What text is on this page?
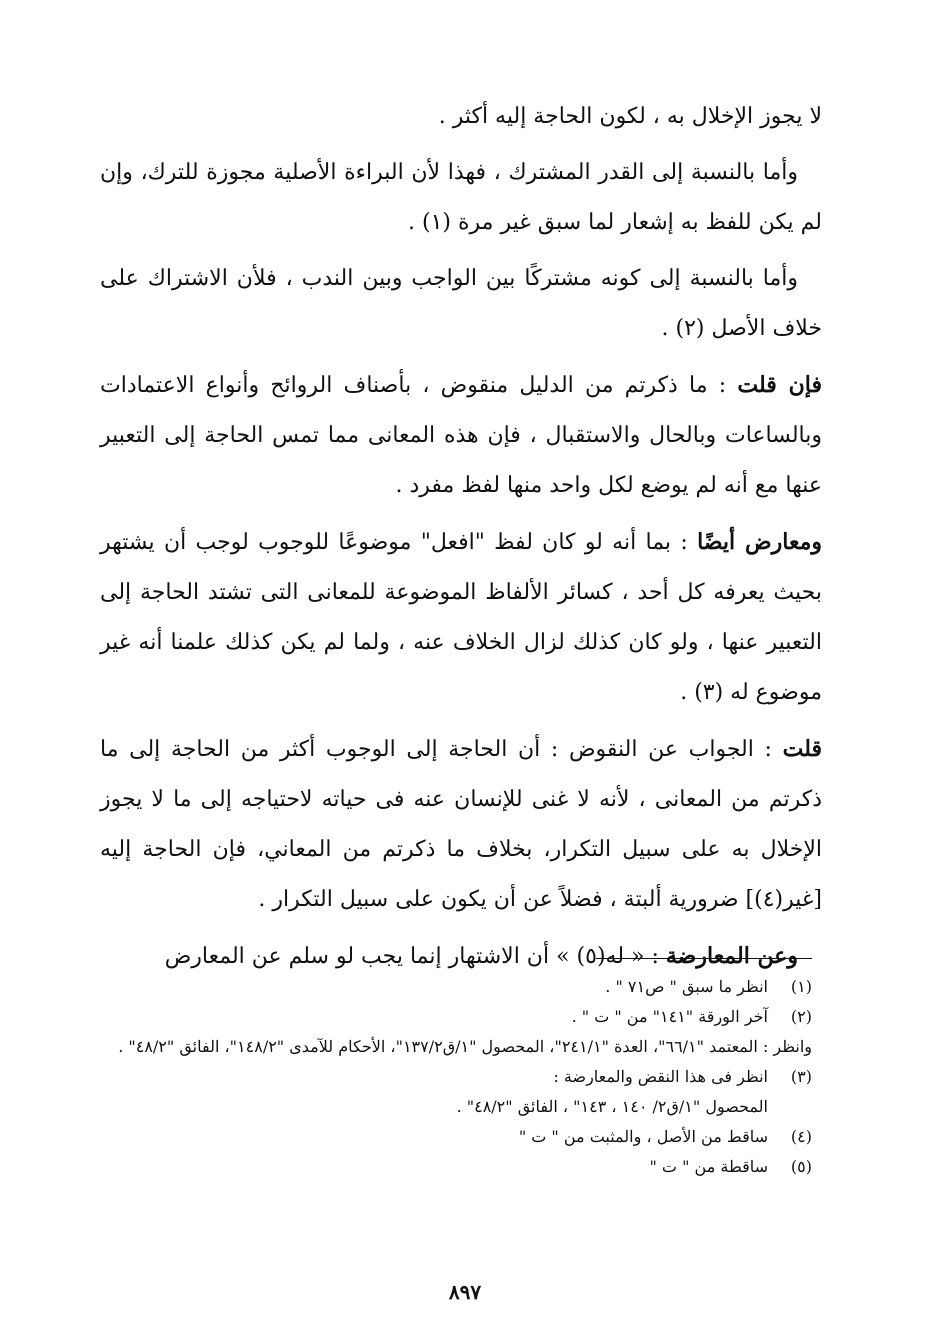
لا يجوز الإخلال به ، لكون الحاجة إليه أكثر .

وأما بالنسبة إلى القدر المشترك ، فهذا لأن البراءة الأصلية مجوزة للترك، وإن لم يكن للفظ به إشعار لما سبق غير مرة (١) .

وأما بالنسبة إلى كونه مشتركًا بين الواجب وبين الندب ، فلأن الاشتراك على خلاف الأصل (٢) .

فإن قلت : ما ذكرتم من الدليل منقوض ، بأصناف الروائح وأنواع الاعتمادات وبالساعات وبالحال والاستقبال ، فإن هذه المعانى مما تمس الحاجة إلى التعبير عنها مع أنه لم يوضع لكل واحد منها لفظ مفرد .

ومعارض أيضًا : بما أنه لو كان لفظ "افعل" موضوعًا للوجوب لوجب أن يشتهر بحيث يعرفه كل أحد ، كسائر الألفاظ الموضوعة للمعانى التى تشتد الحاجة إلى التعبير عنها ، ولو كان كذلك لزال الخلاف عنه ، ولما لم يكن كذلك علمنا أنه غير موضوع له (٣) .

قلت : الجواب عن النقوض : أن الحاجة إلى الوجوب أكثر من الحاجة إلى ما ذكرتم من المعانى ، لأنه لا غنى للإنسان عنه فى حياته لاحتياجه إلى ما لا يجوز الإخلال به على سبيل التكرار، بخلاف ما ذكرتم من المعاني، فإن الحاجة إليه [غير(٤)] ضرورية ألبتة ، فضلاً عن أن يكون على سبيل التكرار .

وعن المعارضة : « له(٥) » أن الاشتهار إنما يجب لو سلم عن المعارض

(١)
انظر ما سبق " ص٧١ " .
(٢)
آخر الورقة "١٤١" من " ت " .
وانظر : المعتمد "٦٦/١"، العدة "٢٤١/١"، المحصول "١/ق١٣٧/٢"، الأحكام للآمدى "١٤٨/٢"، الفائق "٤٨/٢" .
(٣)
انظر فى هذا النقض والمعارضة :
المحصول "١/ق٢/ ١٤٠ ، ١٤٣" ، الفائق "٤٨/٢" .
(٤)
ساقط من الأصل ، والمثبت من " ت "
(٥)
ساقطة من " ت "
٨٩٧
